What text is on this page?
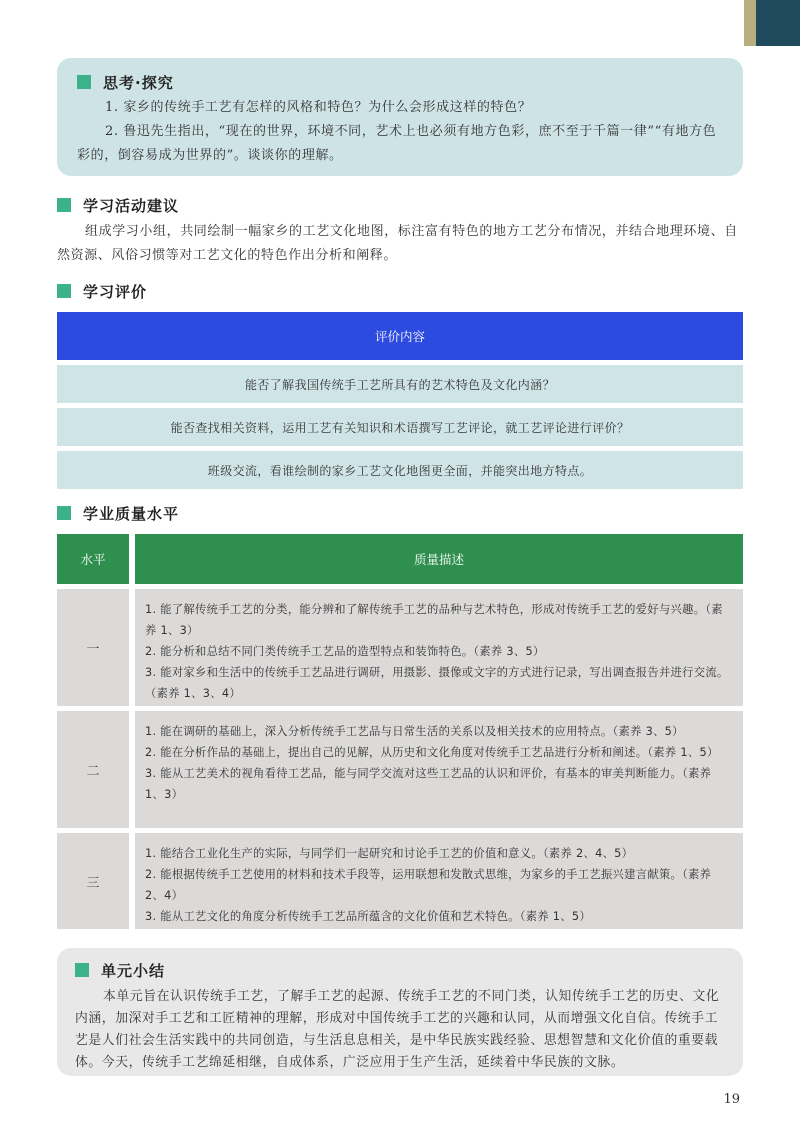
思考·探究

1. 家乡的传统手工艺有怎样的风格和特色？为什么会形成这样的特色？

2. 鲁迅先生指出，“现在的世界，环境不同，艺术上也必须有地方色彩，庶不至于千篇一律”“有地方色彩的，倒容易成为世界的”。谈谈你的理解。

学习活动建议

组成学习小组，共同绘制一幅家乡的工艺文化地图，标注富有特色的地方工艺分布情况，并结合地理环境、自然资源、风俗习惯等对工艺文化的特色作出分析和阐释。

学习评价
评价内容
能否了解我国传统手工艺所具有的艺术特色及文化内涵？
能否查找相关资料，运用工艺有关知识和术语撰写工艺评论，就工艺评论进行评价？
班级交流，看谁绘制的家乡工艺文化地图更全面，并能突出地方特点。
学业质量水平
水平	质量描述
一
1. 能了解传统手工艺的分类，能分辨和了解传统手工艺的品种与艺术特色，形成对传统手工艺的爱好与兴趣。（素养 1、3）
2. 能分析和总结不同门类传统手工艺品的造型特点和装饰特色。（素养 3、5）
3. 能对家乡和生活中的传统手工艺品进行调研，用摄影、摄像或文字的方式进行记录，写出调查报告并进行交流。（素养 1、3、4）
二
1. 能在调研的基础上，深入分析传统手工艺品与日常生活的关系以及相关技术的应用特点。（素养 3、5）
2. 能在分析作品的基础上，提出自己的见解，从历史和文化角度对传统手工艺品进行分析和阐述。（素养 1、5）
3. 能从工艺美术的视角看待工艺品，能与同学交流对这些工艺品的认识和评价，有基本的审美判断能力。（素养 1、3）
三
1. 能结合工业化生产的实际，与同学们一起研究和讨论手工艺的价值和意义。（素养 2、4、5）
2. 能根据传统手工艺使用的材料和技术手段等，运用联想和发散式思维，为家乡的手工艺振兴建言献策。（素养 2、4）
3. 能从工艺文化的角度分析传统手工艺品所蕴含的文化价值和艺术特色。（素养 1、5）
单元小结

本单元旨在认识传统手工艺，了解手工艺的起源、传统手工艺的不同门类，认知传统手工艺的历史、文化内涵，加深对手工艺和工匠精神的理解，形成对中国传统手工艺的兴趣和认同，从而增强文化自信。传统手工艺是人们社会生活实践中的共同创造，与生活息息相关，是中华民族实践经验、思想智慧和文化价值的重要载体。今天，传统手工艺绵延相继，自成体系，广泛应用于生产生活，延续着中华民族的文脉。

19
